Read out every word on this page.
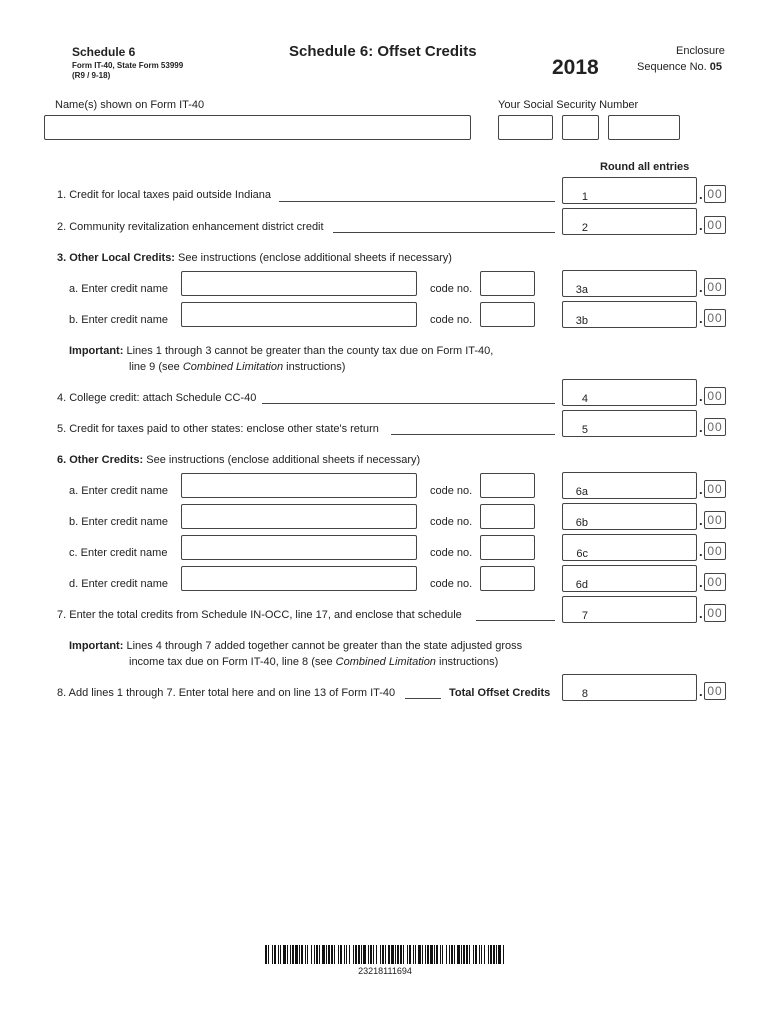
Schedule 6
Form IT-40, State Form 53999
(R9 / 9-18)
Schedule 6: Offset Credits
2018
Enclosure
Sequence No. 05
Name(s) shown on Form IT-40	Your Social Security Number
Round all entries
1. Credit for local taxes paid outside Indiana	1	. 00
2. Community revitalization enhancement district credit	2	. 00
3. Other Local Credits: See instructions (enclose additional sheets if necessary)
a. Enter credit name	code no.	3a	. 00
b. Enter credit name	code no.	3b	. 00
Important: Lines 1 through 3 cannot be greater than the county tax due on Form IT-40,
line 9 (see Combined Limitation instructions)
4. College credit: attach Schedule CC-40	4	. 00
5. Credit for taxes paid to other states: enclose other state's return	5	. 00
6. Other Credits: See instructions (enclose additional sheets if necessary)
a. Enter credit name	code no.	6a	. 00
b. Enter credit name	code no.	6b	. 00
c. Enter credit name	code no.	6c	. 00
d. Enter credit name	code no.	6d	. 00
7. Enter the total credits from Schedule IN-OCC, line 17, and enclose that schedule	7	. 00
Important: Lines 4 through 7 added together cannot be greater than the state adjusted gross
income tax due on Form IT-40, line 8 (see Combined Limitation instructions)
8. Add lines 1 through 7. Enter total here and on line 13 of Form IT-40	Total Offset Credits	8	. 00
23218111694
